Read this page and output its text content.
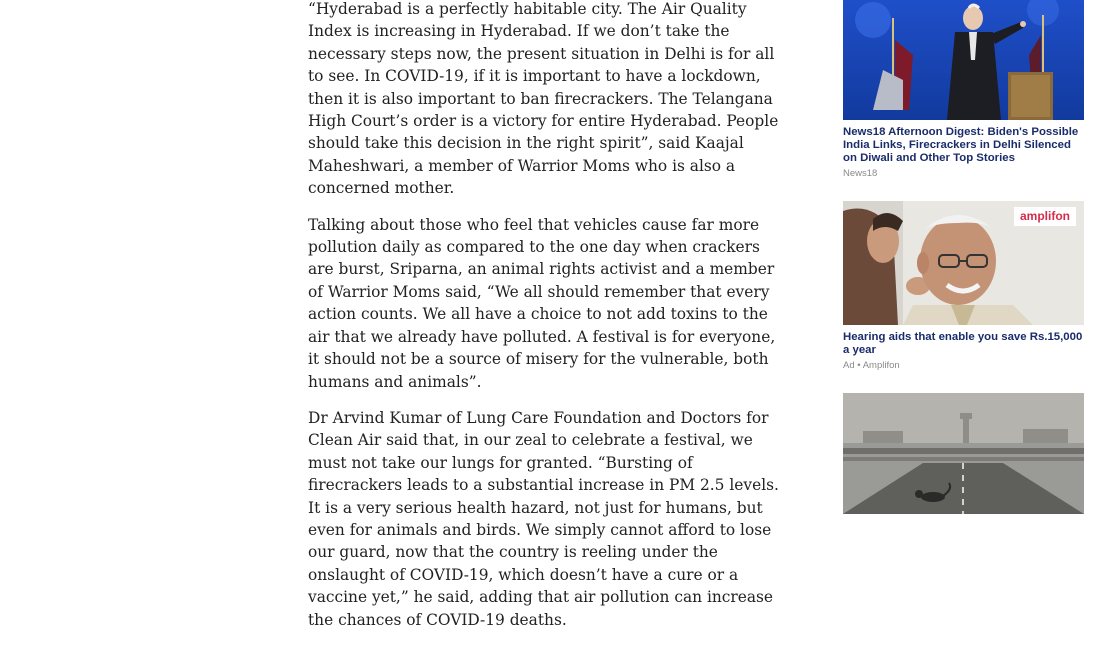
“Hyderabad is a perfectly habitable city. The Air Quality Index is increasing in Hyderabad. If we don’t take the necessary steps now, the present situation in Delhi is for all to see. In COVID-19, if it is important to have a lockdown, then it is also important to ban firecrackers. The Telangana High Court’s order is a victory for entire Hyderabad. People should take this decision in the right spirit”, said Kaajal Maheshwari, a member of Warrior Moms who is also a concerned mother.

Talking about those who feel that vehicles cause far more pollution daily as compared to the one day when crackers are burst, Sriparna, an animal rights activist and a member of Warrior Moms said, “We all should remember that every action counts. We all have a choice to not add toxins to the air that we already have polluted. A festival is for everyone, it should not be a source of misery for the vulnerable, both humans and animals”.

Dr Arvind Kumar of Lung Care Foundation and Doctors for Clean Air said that, in our zeal to celebrate a festival, we must not take our lungs for granted. “Bursting of firecrackers leads to a substantial increase in PM 2.5 levels. It is a very serious health hazard, not just for humans, but even for animals and birds. We simply cannot afford to lose our guard, now that the country is reeling under the onslaught of COVID-19, which doesn’t have a cure or a vaccine yet,” he said, adding that air pollution can increase the chances of COVID-19 deaths.

News18 Afternoon Digest: Biden's Possible India Links, Firecrackers in Delhi Silenced on Diwali and Other Top Stories
News18
amplifon
Hearing aids that enable you save Rs.15,000 a year
Ad • Amplifon
